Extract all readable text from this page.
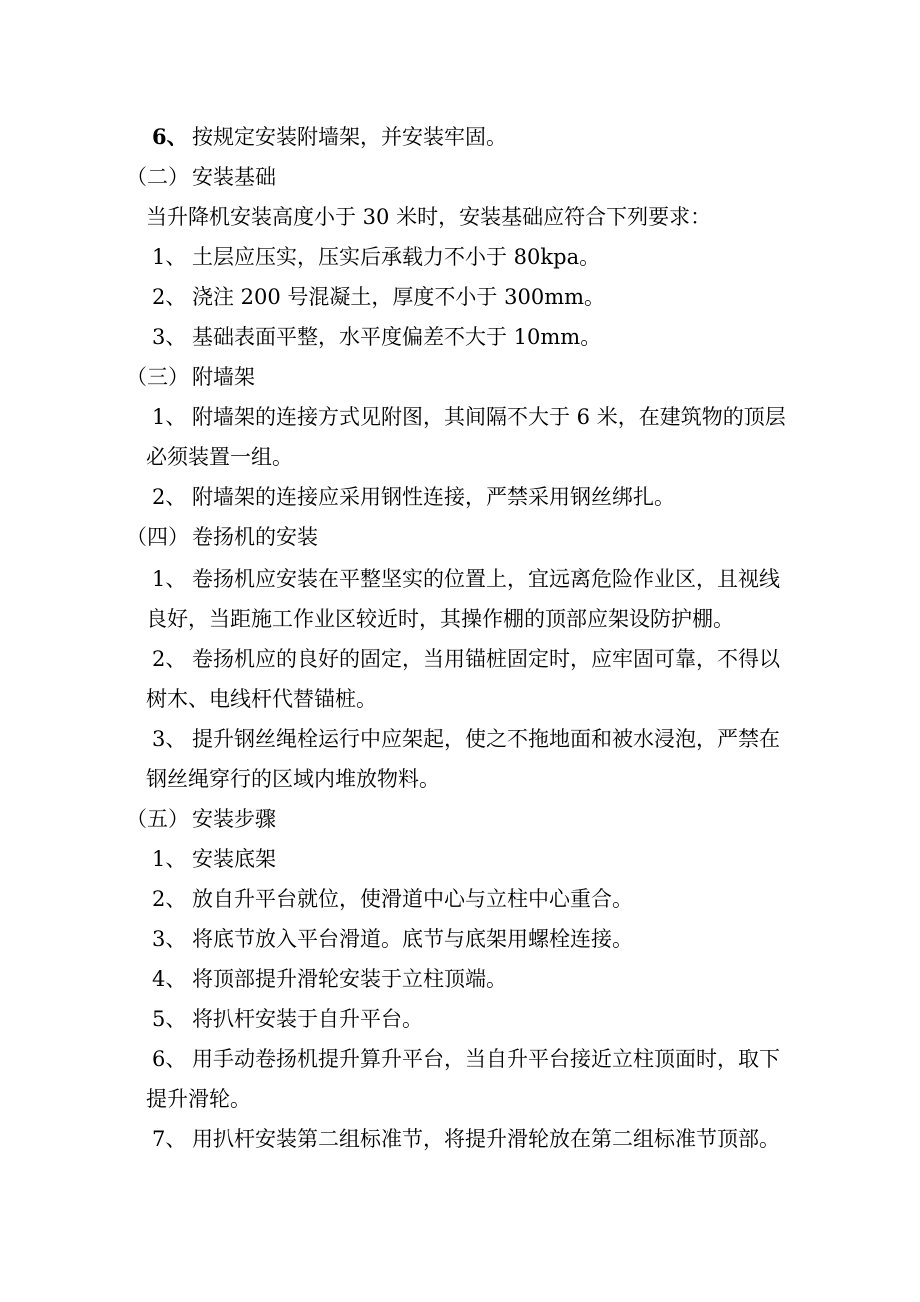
6、 按规定安装附墙架，并安装牢固。
（二） 安装基础
当升降机安装高度小于 30 米时，安装基础应符合下列要求：
1、 土层应压实，压实后承载力不小于 80kpa。
2、 浇注 200 号混凝土，厚度不小于 300mm。
3、 基础表面平整，水平度偏差不大于 10mm。
（三） 附墙架
1、 附墙架的连接方式见附图，其间隔不大于 6 米，在建筑物的顶层
必须装置一组。
2、 附墙架的连接应采用钢性连接，严禁采用钢丝绑扎。
（四） 卷扬机的安装
1、 卷扬机应安装在平整坚实的位置上，宜远离危险作业区，且视线
良好，当距施工作业区较近时，其操作棚的顶部应架设防护棚。
2、 卷扬机应的良好的固定，当用锚桩固定时，应牢固可靠，不得以
树木、电线杆代替锚桩。
3、 提升钢丝绳栓运行中应架起，使之不拖地面和被水浸泡，严禁在
钢丝绳穿行的区域内堆放物料。
（五） 安装步骤
1、 安装底架
2、 放自升平台就位，使滑道中心与立柱中心重合。
3、 将底节放入平台滑道。底节与底架用螺栓连接。
4、 将顶部提升滑轮安装于立柱顶端。
5、 将扒杆安装于自升平台。
6、 用手动卷扬机提升算升平台，当自升平台接近立柱顶面时，取下
提升滑轮。
7、 用扒杆安装第二组标准节，将提升滑轮放在第二组标准节顶部。
